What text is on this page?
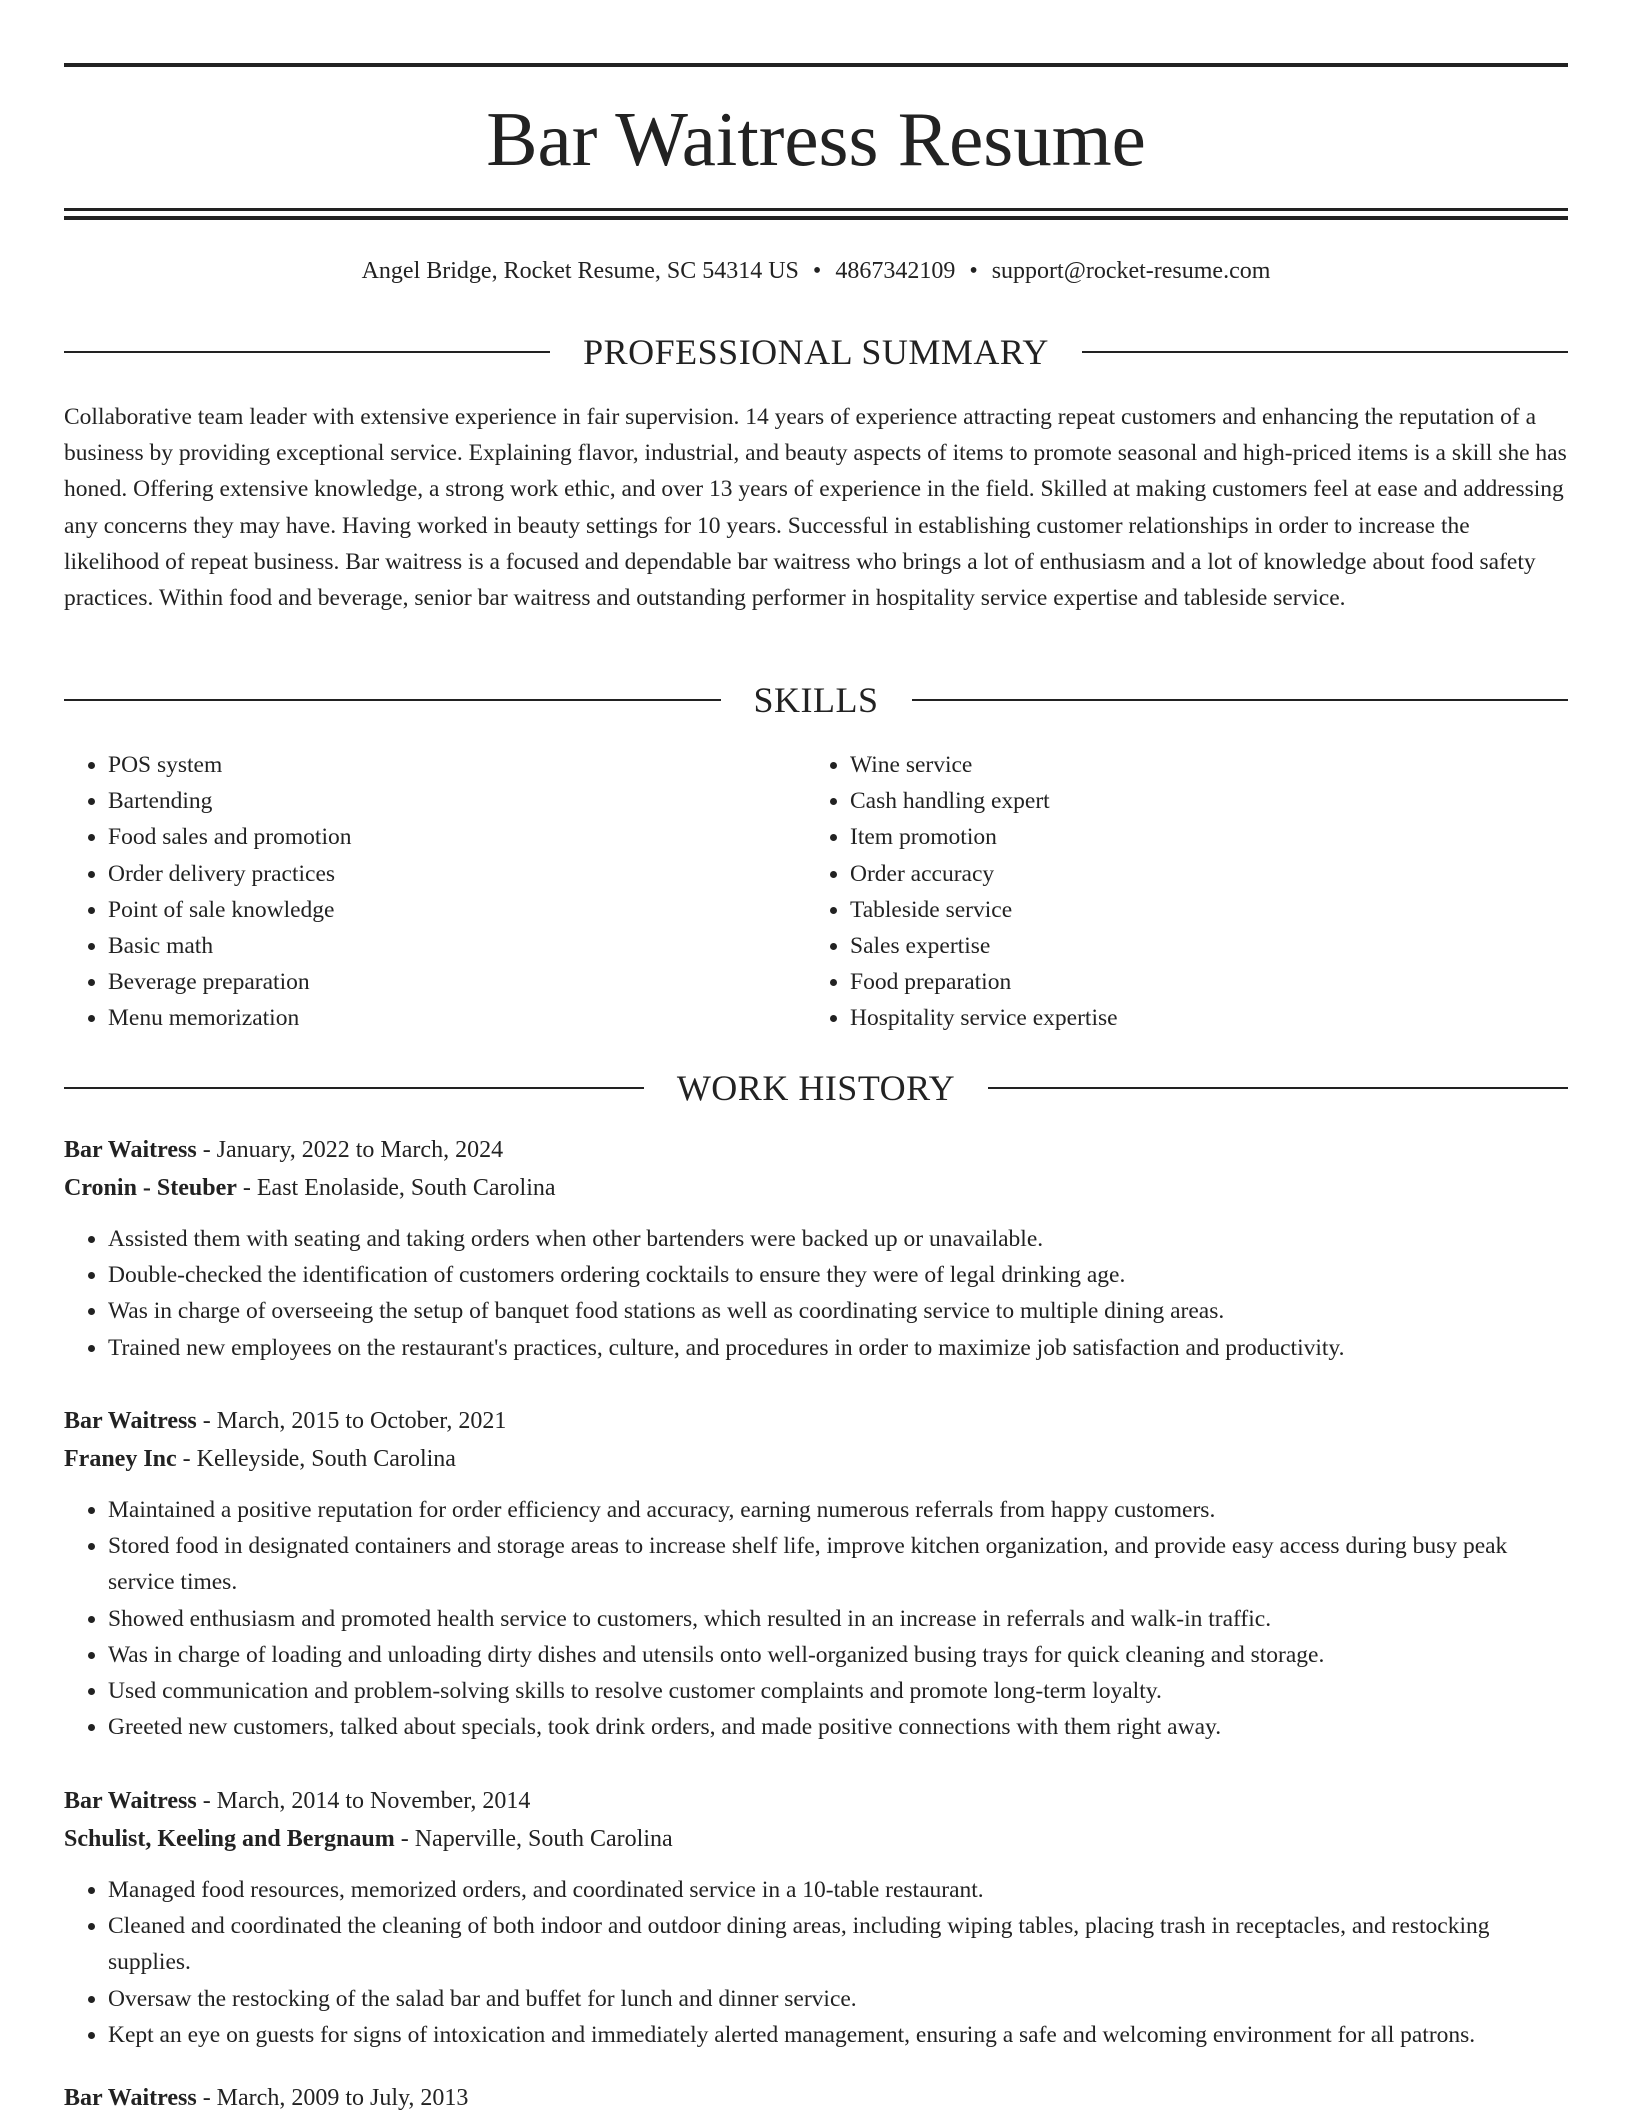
Bar Waitress Resume
Angel Bridge, Rocket Resume, SC 54314 US • 4867342109 • support@rocket-resume.com
PROFESSIONAL SUMMARY

Collaborative team leader with extensive experience in fair supervision. 14 years of experience attracting repeat customers and enhancing the reputation of a business by providing exceptional service. Explaining flavor, industrial, and beauty aspects of items to promote seasonal and high-priced items is a skill she has honed. Offering extensive knowledge, a strong work ethic, and over 13 years of experience in the field. Skilled at making customers feel at ease and addressing any concerns they may have. Having worked in beauty settings for 10 years. Successful in establishing customer relationships in order to increase the likelihood of repeat business. Bar waitress is a focused and dependable bar waitress who brings a lot of enthusiasm and a lot of knowledge about food safety practices. Within food and beverage, senior bar waitress and outstanding performer in hospitality service expertise and tableside service.

SKILLS
• POS system
• Bartending
• Food sales and promotion
• Order delivery practices
• Point of sale knowledge
• Basic math
• Beverage preparation
• Menu memorization
• Wine service
• Cash handling expert
• Item promotion
• Order accuracy
• Tableside service
• Sales expertise
• Food preparation
• Hospitality service expertise
WORK HISTORY
Bar Waitress - January, 2022 to March, 2024
Cronin - Steuber - East Enolaside, South Carolina
• Assisted them with seating and taking orders when other bartenders were backed up or unavailable.
• Double-checked the identification of customers ordering cocktails to ensure they were of legal drinking age.
• Was in charge of overseeing the setup of banquet food stations as well as coordinating service to multiple dining areas.
• Trained new employees on the restaurant's practices, culture, and procedures in order to maximize job satisfaction and productivity.
Bar Waitress - March, 2015 to October, 2021
Franey Inc - Kelleyside, South Carolina
• Maintained a positive reputation for order efficiency and accuracy, earning numerous referrals from happy customers.
• Stored food in designated containers and storage areas to increase shelf life, improve kitchen organization, and provide easy access during busy peak service times.
• Showed enthusiasm and promoted health service to customers, which resulted in an increase in referrals and walk-in traffic.
• Was in charge of loading and unloading dirty dishes and utensils onto well-organized busing trays for quick cleaning and storage.
• Used communication and problem-solving skills to resolve customer complaints and promote long-term loyalty.
• Greeted new customers, talked about specials, took drink orders, and made positive connections with them right away.
Bar Waitress - March, 2014 to November, 2014
Schulist, Keeling and Bergnaum - Naperville, South Carolina
• Managed food resources, memorized orders, and coordinated service in a 10-table restaurant.
• Cleaned and coordinated the cleaning of both indoor and outdoor dining areas, including wiping tables, placing trash in receptacles, and restocking supplies.
• Oversaw the restocking of the salad bar and buffet for lunch and dinner service.
• Kept an eye on guests for signs of intoxication and immediately alerted management, ensuring a safe and welcoming environment for all patrons.
Bar Waitress - March, 2009 to July, 2013
